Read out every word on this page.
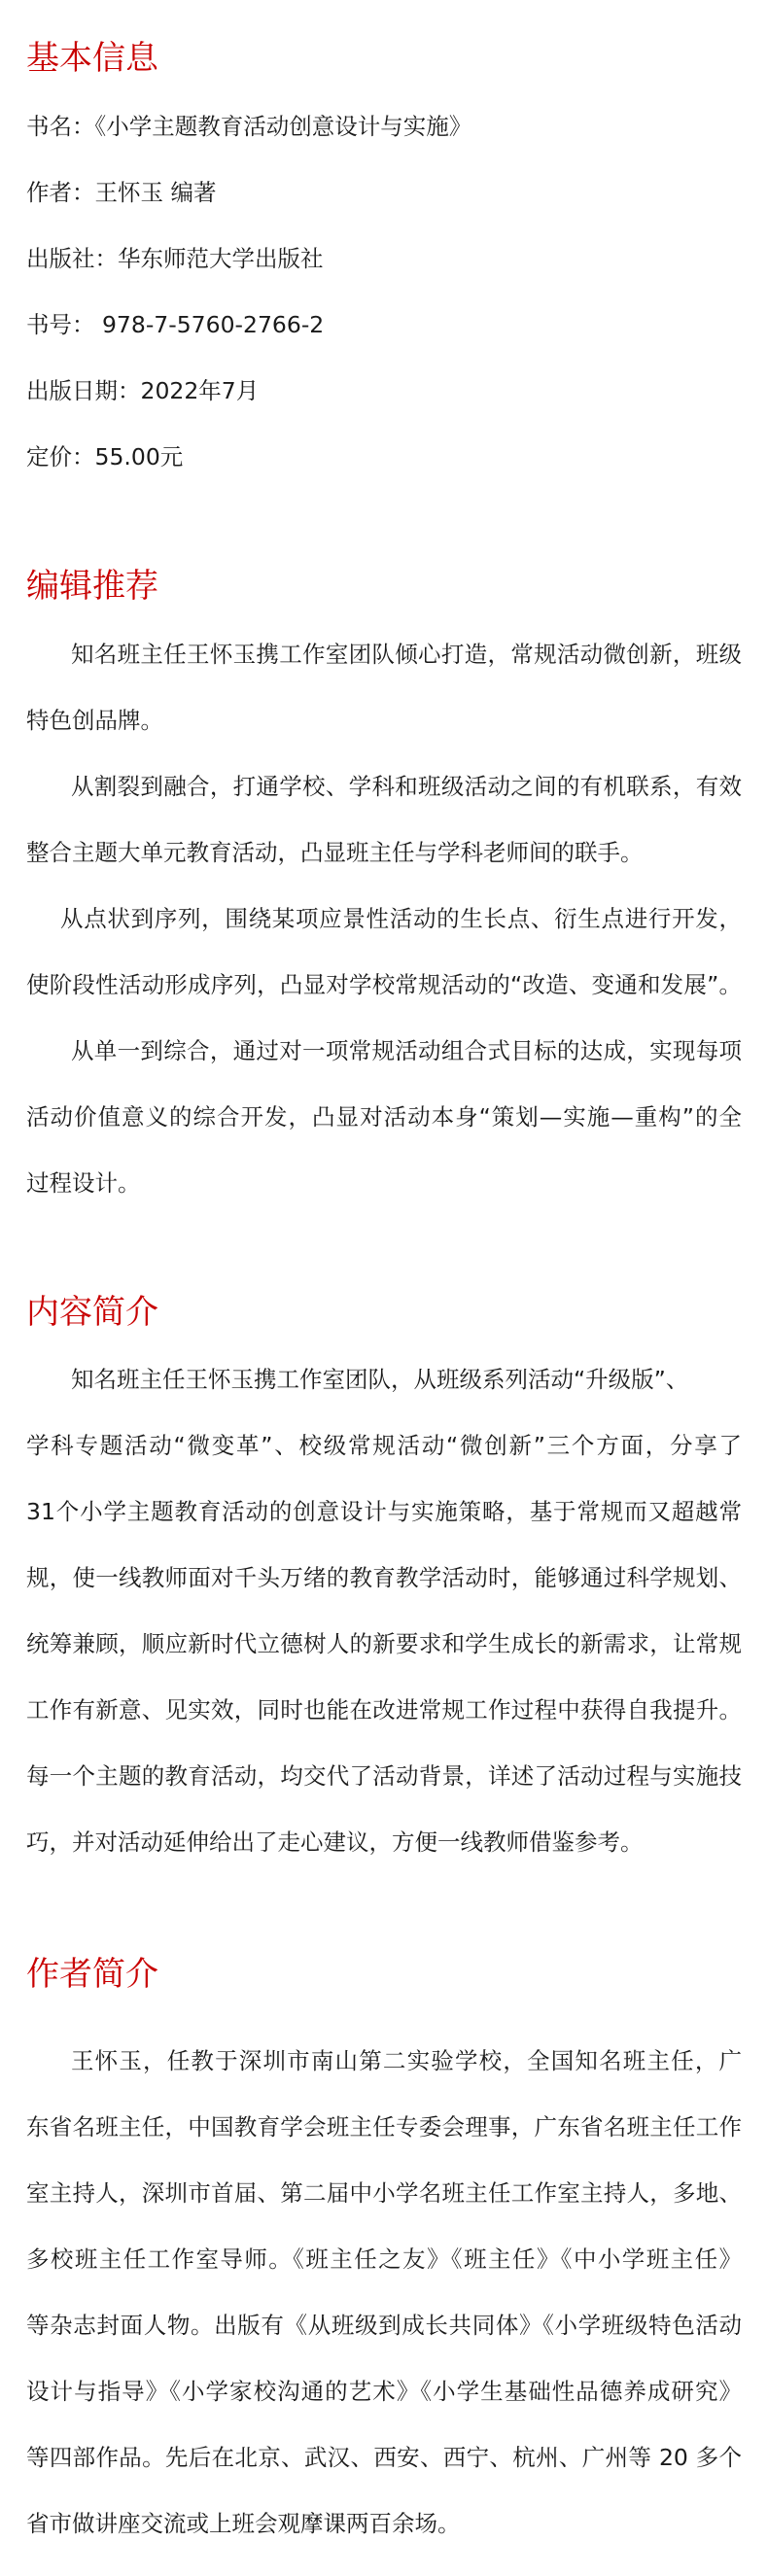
基本信息
书名：《小学主题教育活动创意设计与实施》
作者：王怀玉 编著
出版社：华东师范大学出版社
书号： 978-7-5760-2766-2
出版日期：2022年7月
定价：55.00元
编辑推荐
知名班主任王怀玉携工作室团队倾心打造，常规活动微创新，班级
特色创品牌。
从割裂到融合，打通学校、学科和班级活动之间的有机联系，有效
整合主题大单元教育活动，凸显班主任与学科老师间的联手。
从点状到序列，围绕某项应景性活动的生长点、衍生点进行开发，
使阶段性活动形成序列，凸显对学校常规活动的“改造、变通和发展”。
从单一到综合，通过对一项常规活动组合式目标的达成，实现每项
活动价值意义的综合开发，凸显对活动本身“策划—实施—重构”的全
过程设计。
内容简介
知名班主任王怀玉携工作室团队，从班级系列活动“升级版”、
学科专题活动“微变革”、校级常规活动“微创新”三个方面，分享了
31个小学主题教育活动的创意设计与实施策略，基于常规而又超越常
规，使一线教师面对千头万绪的教育教学活动时，能够通过科学规划、
统筹兼顾，顺应新时代立德树人的新要求和学生成长的新需求，让常规
工作有新意、见实效，同时也能在改进常规工作过程中获得自我提升。
每一个主题的教育活动，均交代了活动背景，详述了活动过程与实施技
巧，并对活动延伸给出了走心建议，方便一线教师借鉴参考。
作者简介
王怀玉，任教于深圳市南山第二实验学校，全国知名班主任，广
东省名班主任，中国教育学会班主任专委会理事，广东省名班主任工作
室主持人，深圳市首届、第二届中小学名班主任工作室主持人，多地、
多校班主任工作室导师。《班主任之友》《班主任》《中小学班主任》
等杂志封面人物。出版有《从班级到成长共同体》《小学班级特色活动
设计与指导》《小学家校沟通的艺术》《小学生基础性品德养成研究》
等四部作品。先后在北京、武汉、西安、西宁、杭州、广州等 20 多个
省市做讲座交流或上班会观摩课两百余场。
